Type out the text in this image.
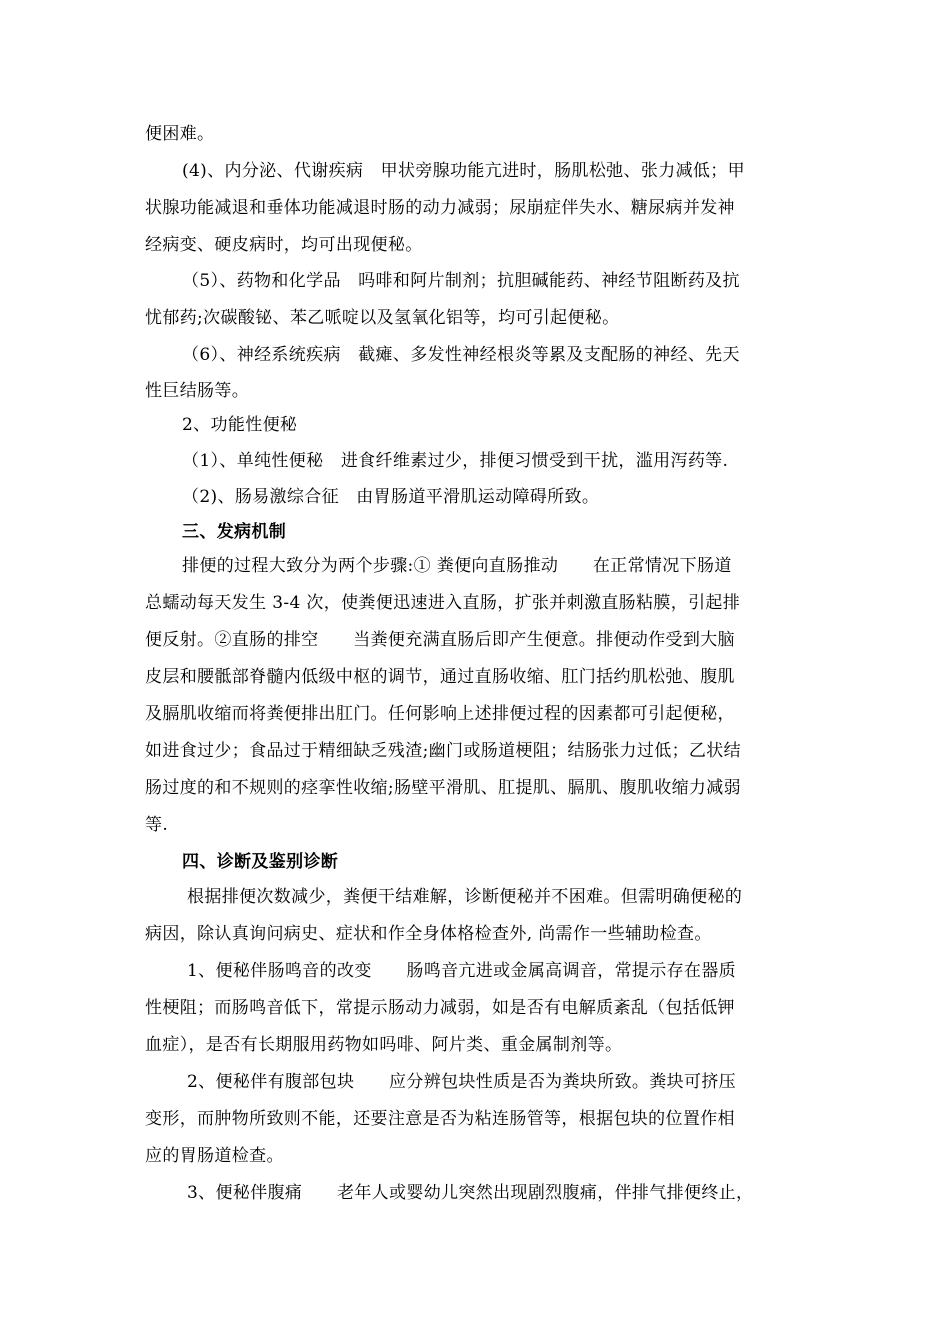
便困难。
(4)、内分泌、代谢疾病　甲状旁腺功能亢进时，肠肌松弛、张力减低；甲
状腺功能减退和垂体功能减退时肠的动力减弱；尿崩症伴失水、糖尿病并发神
经病变、硬皮病时，均可出现便秘。
（5）、药物和化学品　吗啡和阿片制剂；抗胆碱能药、神经节阻断药及抗
忧郁药;次碳酸铋、苯乙哌啶以及氢氧化铝等，均可引起便秘。
（6）、神经系统疾病　截瘫、多发性神经根炎等累及支配肠的神经、先天
性巨结肠等。
2、功能性便秘
（1）、单纯性便秘　进食纤维素过少，排便习惯受到干扰，滥用泻药等.
（2)、肠易激综合征　由胃肠道平滑肌运动障碍所致。
三、发病机制
排便的过程大致分为两个步骤:① 粪便向直肠推动　　在正常情况下肠道
总蠕动每天发生 3-4 次，使粪便迅速进入直肠，扩张并刺激直肠粘膜，引起排
便反射。②直肠的排空　　当粪便充满直肠后即产生便意。排便动作受到大脑
皮层和腰骶部脊髓内低级中枢的调节，通过直肠收缩、肛门括约肌松弛、腹肌
及膈肌收缩而将粪便排出肛门。任何影响上述排便过程的因素都可引起便秘，
如进食过少；食品过于精细缺乏残渣;幽门或肠道梗阻；结肠张力过低；乙状结
肠过度的和不规则的痉挛性收缩;肠壁平滑肌、肛提肌、膈肌、腹肌收缩力减弱
等.
四、诊断及鉴别诊断
根据排便次数减少，粪便干结难解，诊断便秘并不困难。但需明确便秘的
病因，除认真询问病史、症状和作全身体格检查外, 尚需作一些辅助检查。
1、便秘伴肠鸣音的改变　　肠鸣音亢进或金属高调音，常提示存在器质
性梗阻；而肠鸣音低下，常提示肠动力减弱，如是否有电解质紊乱（包括低钾
血症），是否有长期服用药物如吗啡、阿片类、重金属制剂等。
2、便秘伴有腹部包块　　应分辨包块性质是否为粪块所致。粪块可挤压
变形，而肿物所致则不能，还要注意是否为粘连肠管等，根据包块的位置作相
应的胃肠道检查。
3、便秘伴腹痛　　老年人或婴幼儿突然出现剧烈腹痛，伴排气排便终止，
